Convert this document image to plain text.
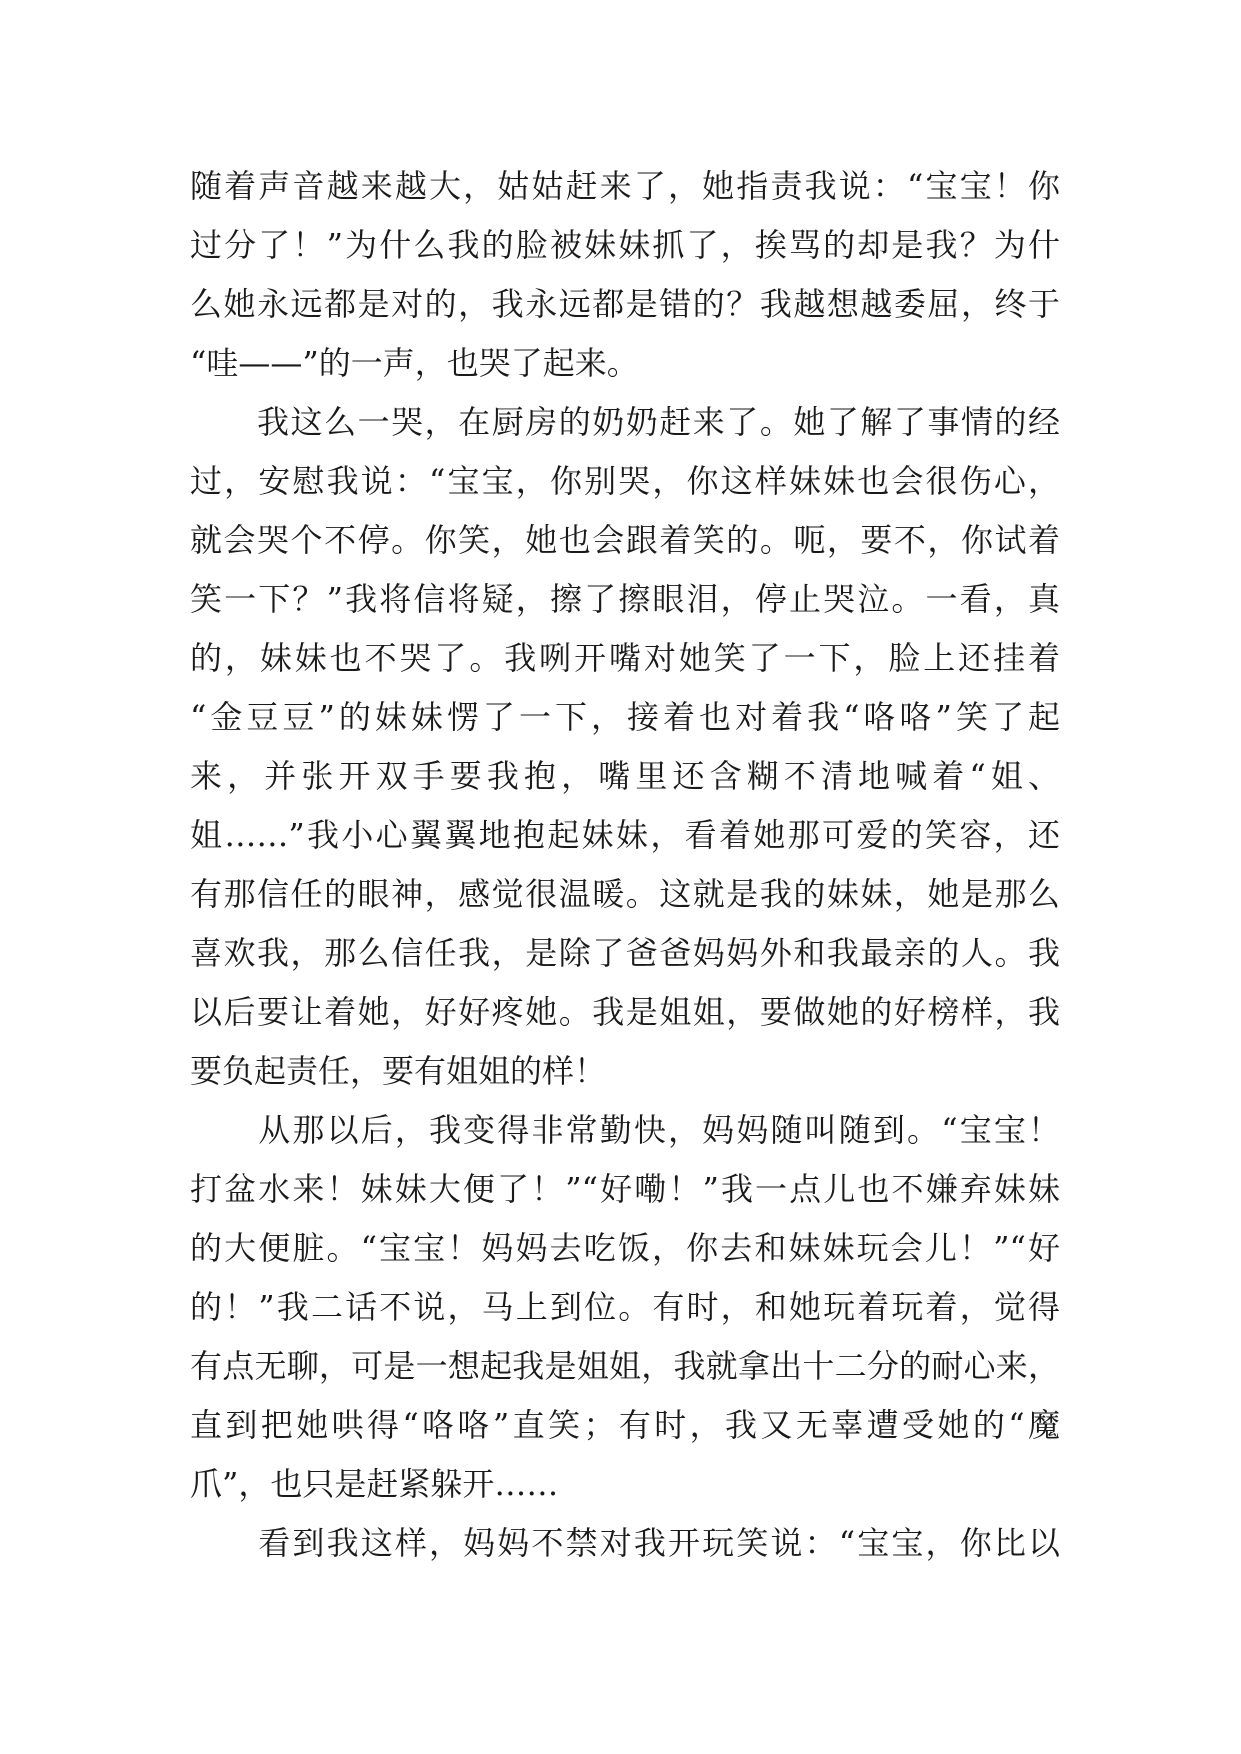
随着声音越来越大，姑姑赶来了，她指责我说：“宝宝！你
过分了！”为什么我的脸被妹妹抓了，挨骂的却是我？为什
么她永远都是对的，我永远都是错的？我越想越委屈，终于
“哇——”的一声，也哭了起来。
　　我这么一哭，在厨房的奶奶赶来了。她了解了事情的经
过，安慰我说：“宝宝，你别哭，你这样妹妹也会很伤心，
就会哭个不停。你笑，她也会跟着笑的。呃，要不，你试着
笑一下？”我将信将疑，擦了擦眼泪，停止哭泣。一看，真
的，妹妹也不哭了。我咧开嘴对她笑了一下，脸上还挂着
“金豆豆”的妹妹愣了一下，接着也对着我“咯咯”笑了起
来，并张开双手要我抱，嘴里还含糊不清地喊着“姐、
姐……”我小心翼翼地抱起妹妹，看着她那可爱的笑容，还
有那信任的眼神，感觉很温暖。这就是我的妹妹，她是那么
喜欢我，那么信任我，是除了爸爸妈妈外和我最亲的人。我
以后要让着她，好好疼她。我是姐姐，要做她的好榜样，我
要负起责任，要有姐姐的样！
　　从那以后，我变得非常勤快，妈妈随叫随到。“宝宝！
打盆水来！妹妹大便了！”“好嘞！”我一点儿也不嫌弃妹妹
的大便脏。“宝宝！妈妈去吃饭，你去和妹妹玩会儿！”“好
的！”我二话不说，马上到位。有时，和她玩着玩着，觉得
有点无聊，可是一想起我是姐姐，我就拿出十二分的耐心来，
直到把她哄得“咯咯”直笑；有时，我又无辜遭受她的“魔
爪”，也只是赶紧躲开……
　　看到我这样，妈妈不禁对我开玩笑说：“宝宝，你比以
